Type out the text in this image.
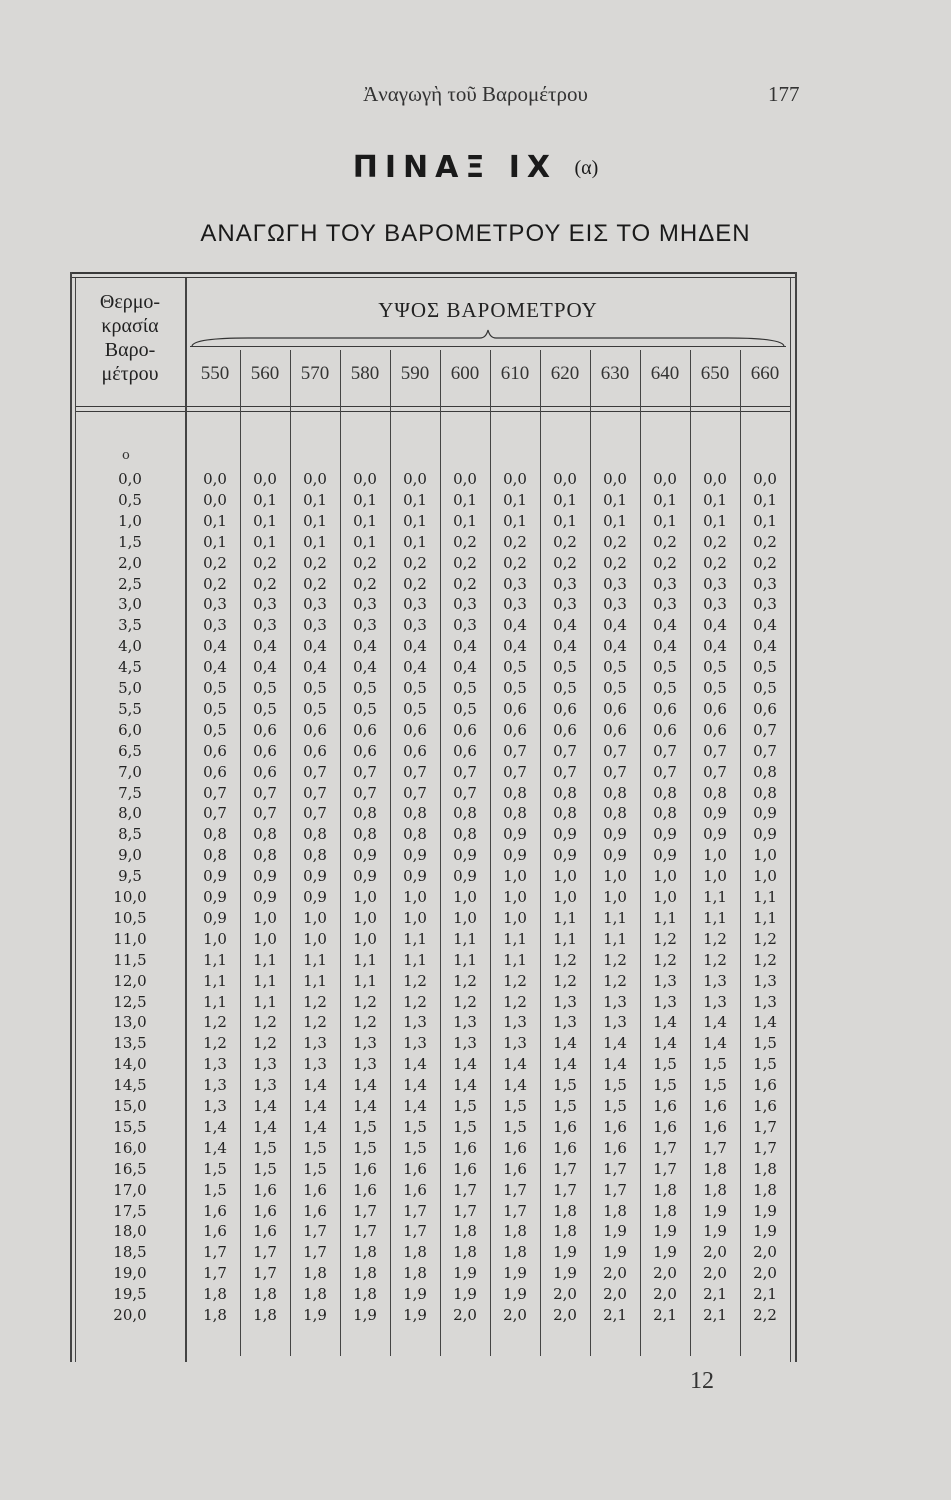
Ἀναγωγὴ τοῦ Βαρομέτρου	177
ΠΙΝΑΞ IX (α)
ΑΝΑΓΩΓΗ ΤΟΥ ΒΑΡΟΜΕΤΡΟΥ ΕΙΣ ΤΟ ΜΗΔΕΝ
Θερμο-
κρασία
Βαρο-
μέτρου
ΥΨΟΣ ΒΑΡΟΜΕΤΡΟΥ
550	560	570	580	590	600	610	620	630	640	650	660
o
0,0	0,0	0,0	0,0	0,0	0,0	0,0	0,0	0,0	0,0	0,0	0,0	0,0
0,5	0,0	0,1	0,1	0,1	0,1	0,1	0,1	0,1	0,1	0,1	0,1	0,1
1,0	0,1	0,1	0,1	0,1	0,1	0,1	0,1	0,1	0,1	0,1	0,1	0,1
1,5	0,1	0,1	0,1	0,1	0,1	0,2	0,2	0,2	0,2	0,2	0,2	0,2
2,0	0,2	0,2	0,2	0,2	0,2	0,2	0,2	0,2	0,2	0,2	0,2	0,2
2,5	0,2	0,2	0,2	0,2	0,2	0,2	0,3	0,3	0,3	0,3	0,3	0,3
3,0	0,3	0,3	0,3	0,3	0,3	0,3	0,3	0,3	0,3	0,3	0,3	0,3
3,5	0,3	0,3	0,3	0,3	0,3	0,3	0,4	0,4	0,4	0,4	0,4	0,4
4,0	0,4	0,4	0,4	0,4	0,4	0,4	0,4	0,4	0,4	0,4	0,4	0,4
4,5	0,4	0,4	0,4	0,4	0,4	0,4	0,5	0,5	0,5	0,5	0,5	0,5
5,0	0,5	0,5	0,5	0,5	0,5	0,5	0,5	0,5	0,5	0,5	0,5	0,5
5,5	0,5	0,5	0,5	0,5	0,5	0,5	0,6	0,6	0,6	0,6	0,6	0,6
6,0	0,5	0,6	0,6	0,6	0,6	0,6	0,6	0,6	0,6	0,6	0,6	0,7
6,5	0,6	0,6	0,6	0,6	0,6	0,6	0,7	0,7	0,7	0,7	0,7	0,7
7,0	0,6	0,6	0,7	0,7	0,7	0,7	0,7	0,7	0,7	0,7	0,7	0,8
7,5	0,7	0,7	0,7	0,7	0,7	0,7	0,8	0,8	0,8	0,8	0,8	0,8
8,0	0,7	0,7	0,7	0,8	0,8	0,8	0,8	0,8	0,8	0,8	0,9	0,9
8,5	0,8	0,8	0,8	0,8	0,8	0,8	0,9	0,9	0,9	0,9	0,9	0,9
9,0	0,8	0,8	0,8	0,9	0,9	0,9	0,9	0,9	0,9	0,9	1,0	1,0
9,5	0,9	0,9	0,9	0,9	0,9	0,9	1,0	1,0	1,0	1,0	1,0	1,0
10,0	0,9	0,9	0,9	1,0	1,0	1,0	1,0	1,0	1,0	1,0	1,1	1,1
10,5	0,9	1,0	1,0	1,0	1,0	1,0	1,0	1,1	1,1	1,1	1,1	1,1
11,0	1,0	1,0	1,0	1,0	1,1	1,1	1,1	1,1	1,1	1,2	1,2	1,2
11,5	1,1	1,1	1,1	1,1	1,1	1,1	1,1	1,2	1,2	1,2	1,2	1,2
12,0	1,1	1,1	1,1	1,1	1,2	1,2	1,2	1,2	1,2	1,3	1,3	1,3
12,5	1,1	1,1	1,2	1,2	1,2	1,2	1,2	1,3	1,3	1,3	1,3	1,3
13,0	1,2	1,2	1,2	1,2	1,3	1,3	1,3	1,3	1,3	1,4	1,4	1,4
13,5	1,2	1,2	1,3	1,3	1,3	1,3	1,3	1,4	1,4	1,4	1,4	1,5
14,0	1,3	1,3	1,3	1,3	1,4	1,4	1,4	1,4	1,4	1,5	1,5	1,5
14,5	1,3	1,3	1,4	1,4	1,4	1,4	1,4	1,5	1,5	1,5	1,5	1,6
15,0	1,3	1,4	1,4	1,4	1,4	1,5	1,5	1,5	1,5	1,6	1,6	1,6
15,5	1,4	1,4	1,4	1,5	1,5	1,5	1,5	1,6	1,6	1,6	1,6	1,7
16,0	1,4	1,5	1,5	1,5	1,5	1,6	1,6	1,6	1,6	1,7	1,7	1,7
16,5	1,5	1,5	1,5	1,6	1,6	1,6	1,6	1,7	1,7	1,7	1,8	1,8
17,0	1,5	1,6	1,6	1,6	1,6	1,7	1,7	1,7	1,7	1,8	1,8	1,8
17,5	1,6	1,6	1,6	1,7	1,7	1,7	1,7	1,8	1,8	1,8	1,9	1,9
18,0	1,6	1,6	1,7	1,7	1,7	1,8	1,8	1,8	1,9	1,9	1,9	1,9
18,5	1,7	1,7	1,7	1,8	1,8	1,8	1,8	1,9	1,9	1,9	2,0	2,0
19,0	1,7	1,7	1,8	1,8	1,8	1,9	1,9	1,9	2,0	2,0	2,0	2,0
19,5	1,8	1,8	1,8	1,8	1,9	1,9	1,9	2,0	2,0	2,0	2,1	2,1
20,0	1,8	1,8	1,9	1,9	1,9	2,0	2,0	2,0	2,1	2,1	2,1	2,2
12
